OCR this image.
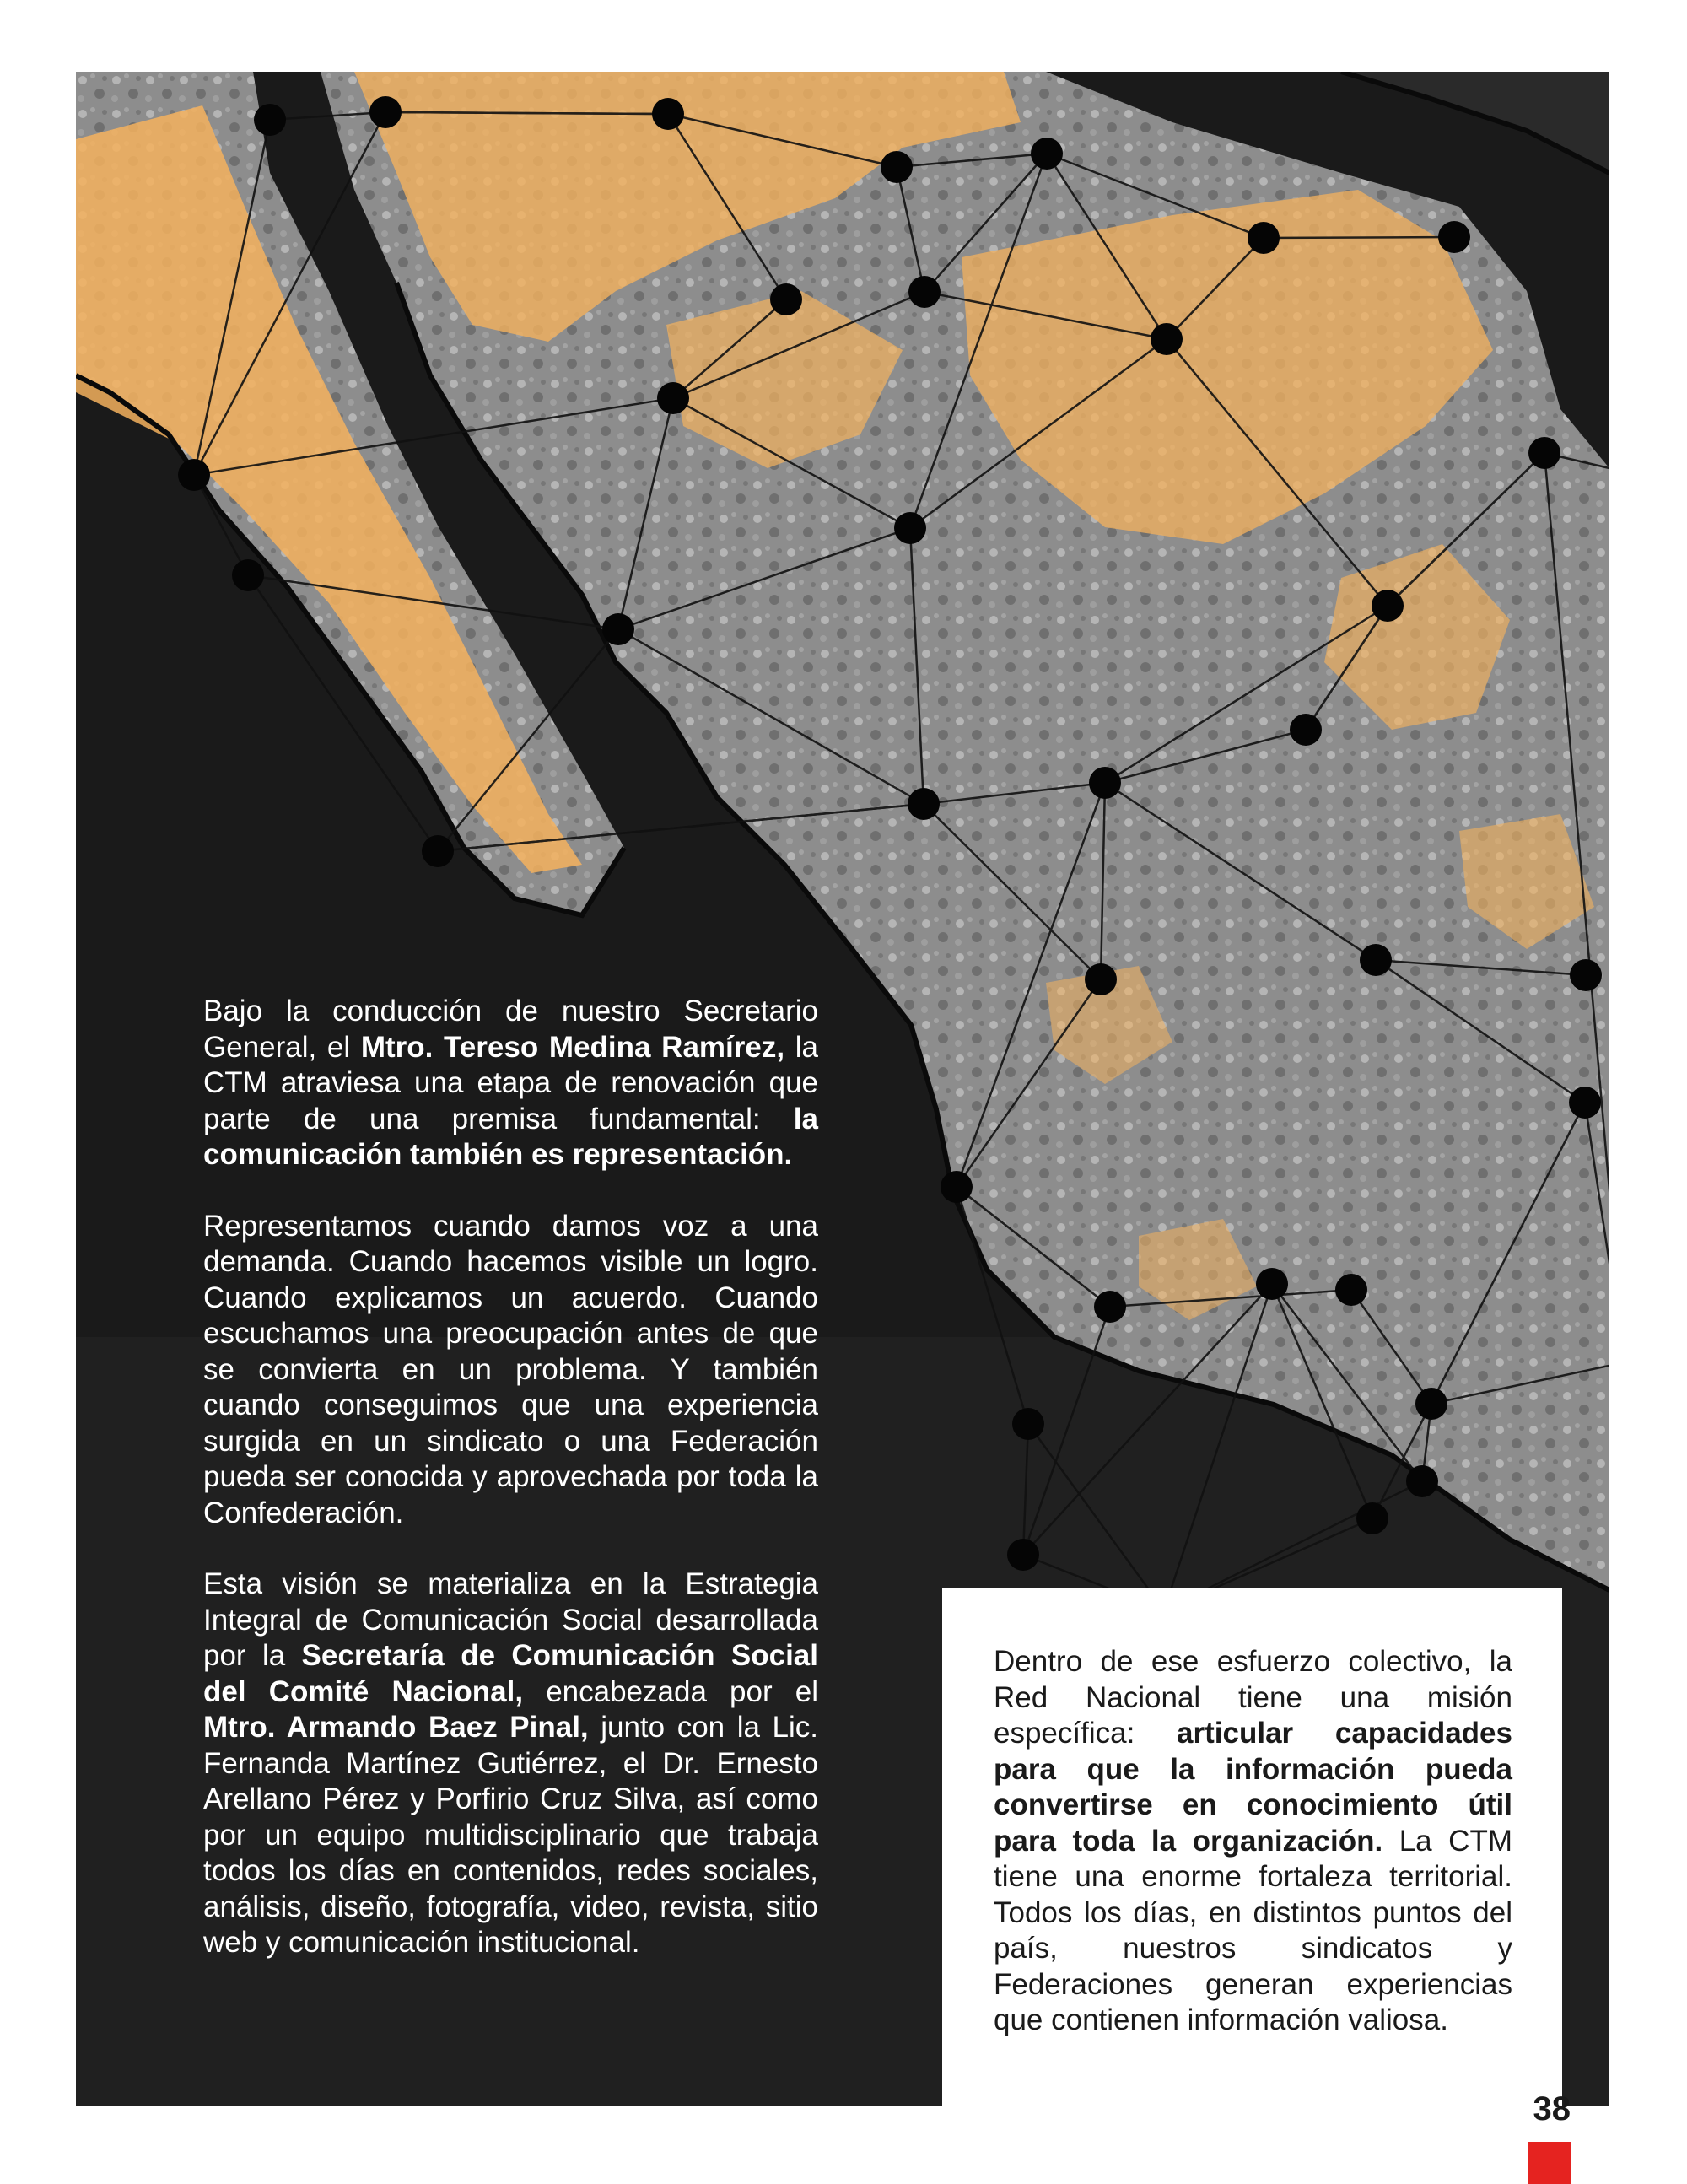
Bajo la conducción de nuestro Secretario General, el Mtro. Tereso Medina Ramírez, la CTM atraviesa una etapa de renovación que parte de una premisa fundamental: la comunicación también es representación.

Representamos cuando damos voz a una demanda. Cuando hacemos visible un logro. Cuando explicamos un acuerdo. Cuando escuchamos una preocupación antes de que se convierta en un problema. Y también cuando conseguimos que una experiencia surgida en un sindicato o una Federación pueda ser conocida y aprovechada por toda la Confederación.

Esta visión se materializa en la Estrategia Integral de Comunicación Social desarrollada por la Secretaría de Comunicación Social del Comité Nacional, encabezada por el Mtro. Armando Baez Pinal, junto con la Lic. Fernanda Martínez Gutiérrez, el Dr. Ernesto Arellano Pérez y Porfirio Cruz Silva, así como por un equipo multidisciplinario que trabaja todos los días en contenidos, redes sociales, análisis, diseño, fotografía, video, revista, sitio web y comunicación institucional.

Dentro de ese esfuerzo colectivo, la Red Nacional tiene una misión específica: articular capacidades para que la información pueda convertirse en conocimiento útil para toda la organización. La CTM tiene una enorme fortaleza territorial. Todos los días, en distintos puntos del país, nuestros sindicatos y Federaciones generan experiencias que contienen información valiosa.

38
